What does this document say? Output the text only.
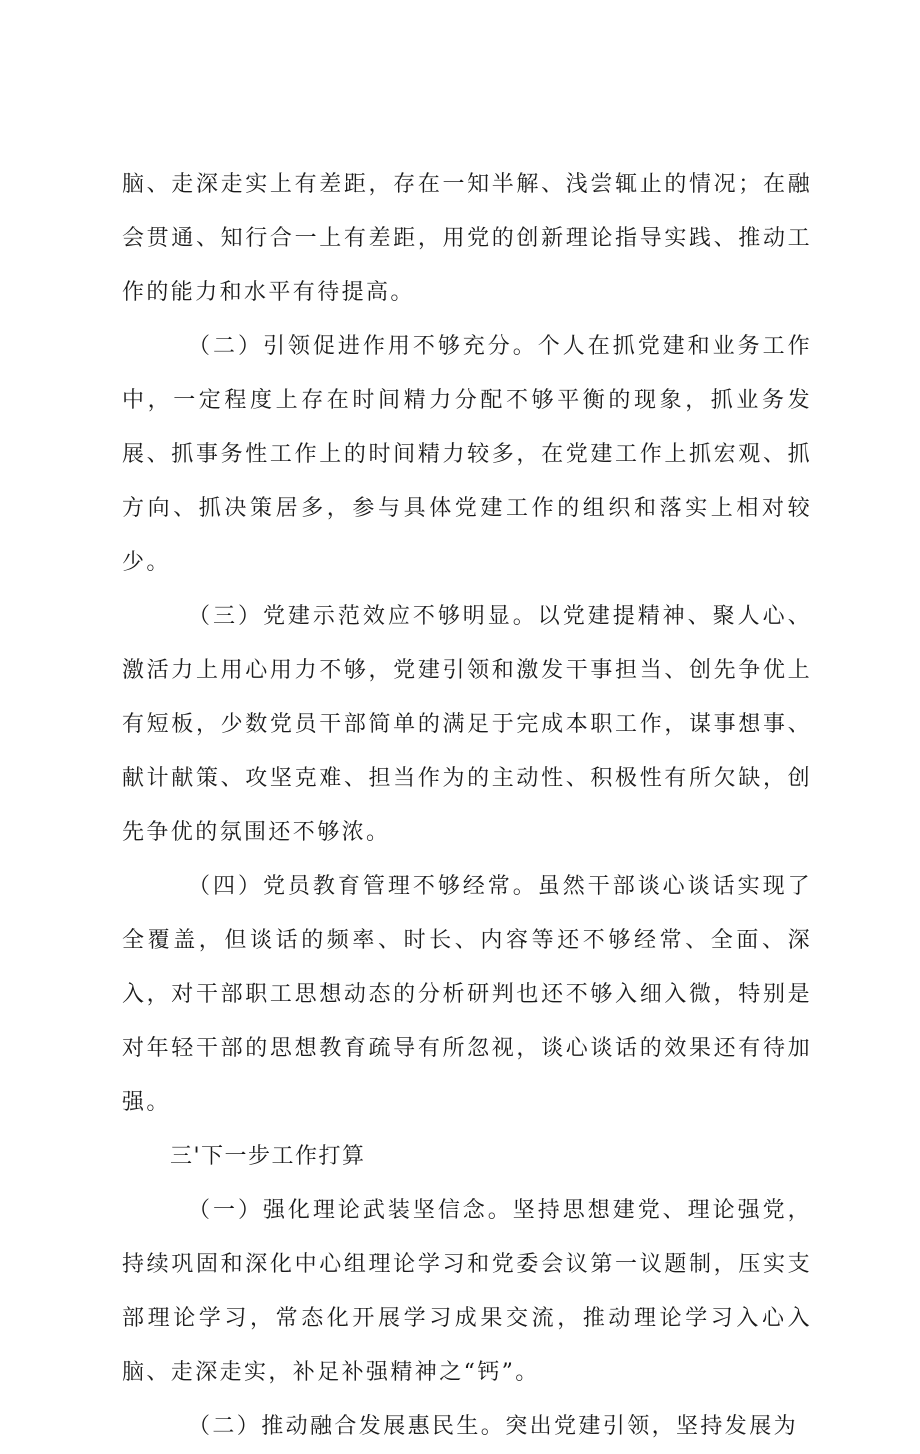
脑、走深走实上有差距，存在一知半解、浅尝辄止的情况；在融会贯通、知行合一上有差距，用党的创新理论指导实践、推动工作的能力和水平有待提高。

（二）引领促进作用不够充分。个人在抓党建和业务工作中，一定程度上存在时间精力分配不够平衡的现象，抓业务发展、抓事务性工作上的时间精力较多，在党建工作上抓宏观、抓方向、抓决策居多，参与具体党建工作的组织和落实上相对较少。

（三）党建示范效应不够明显。以党建提精神、聚人心、激活力上用心用力不够，党建引领和激发干事担当、创先争优上有短板，少数党员干部简单的满足于完成本职工作，谋事想事、献计献策、攻坚克难、担当作为的主动性、积极性有所欠缺，创先争优的氛围还不够浓。

（四）党员教育管理不够经常。虽然干部谈心谈话实现了全覆盖，但谈话的频率、时长、内容等还不够经常、全面、深入，对干部职工思想动态的分析研判也还不够入细入微，特别是对年轻干部的思想教育疏导有所忽视，谈心谈话的效果还有待加强。

三'下一步工作打算

（一）强化理论武装坚信念。坚持思想建党、理论强党，持续巩固和深化中心组理论学习和党委会议第一议题制，压实支部理论学习，常态化开展学习成果交流，推动理论学习入心入脑、走深走实，补足补强精神之“钙”。

（二）推动融合发展惠民生。突出党建引领，坚持发展为
